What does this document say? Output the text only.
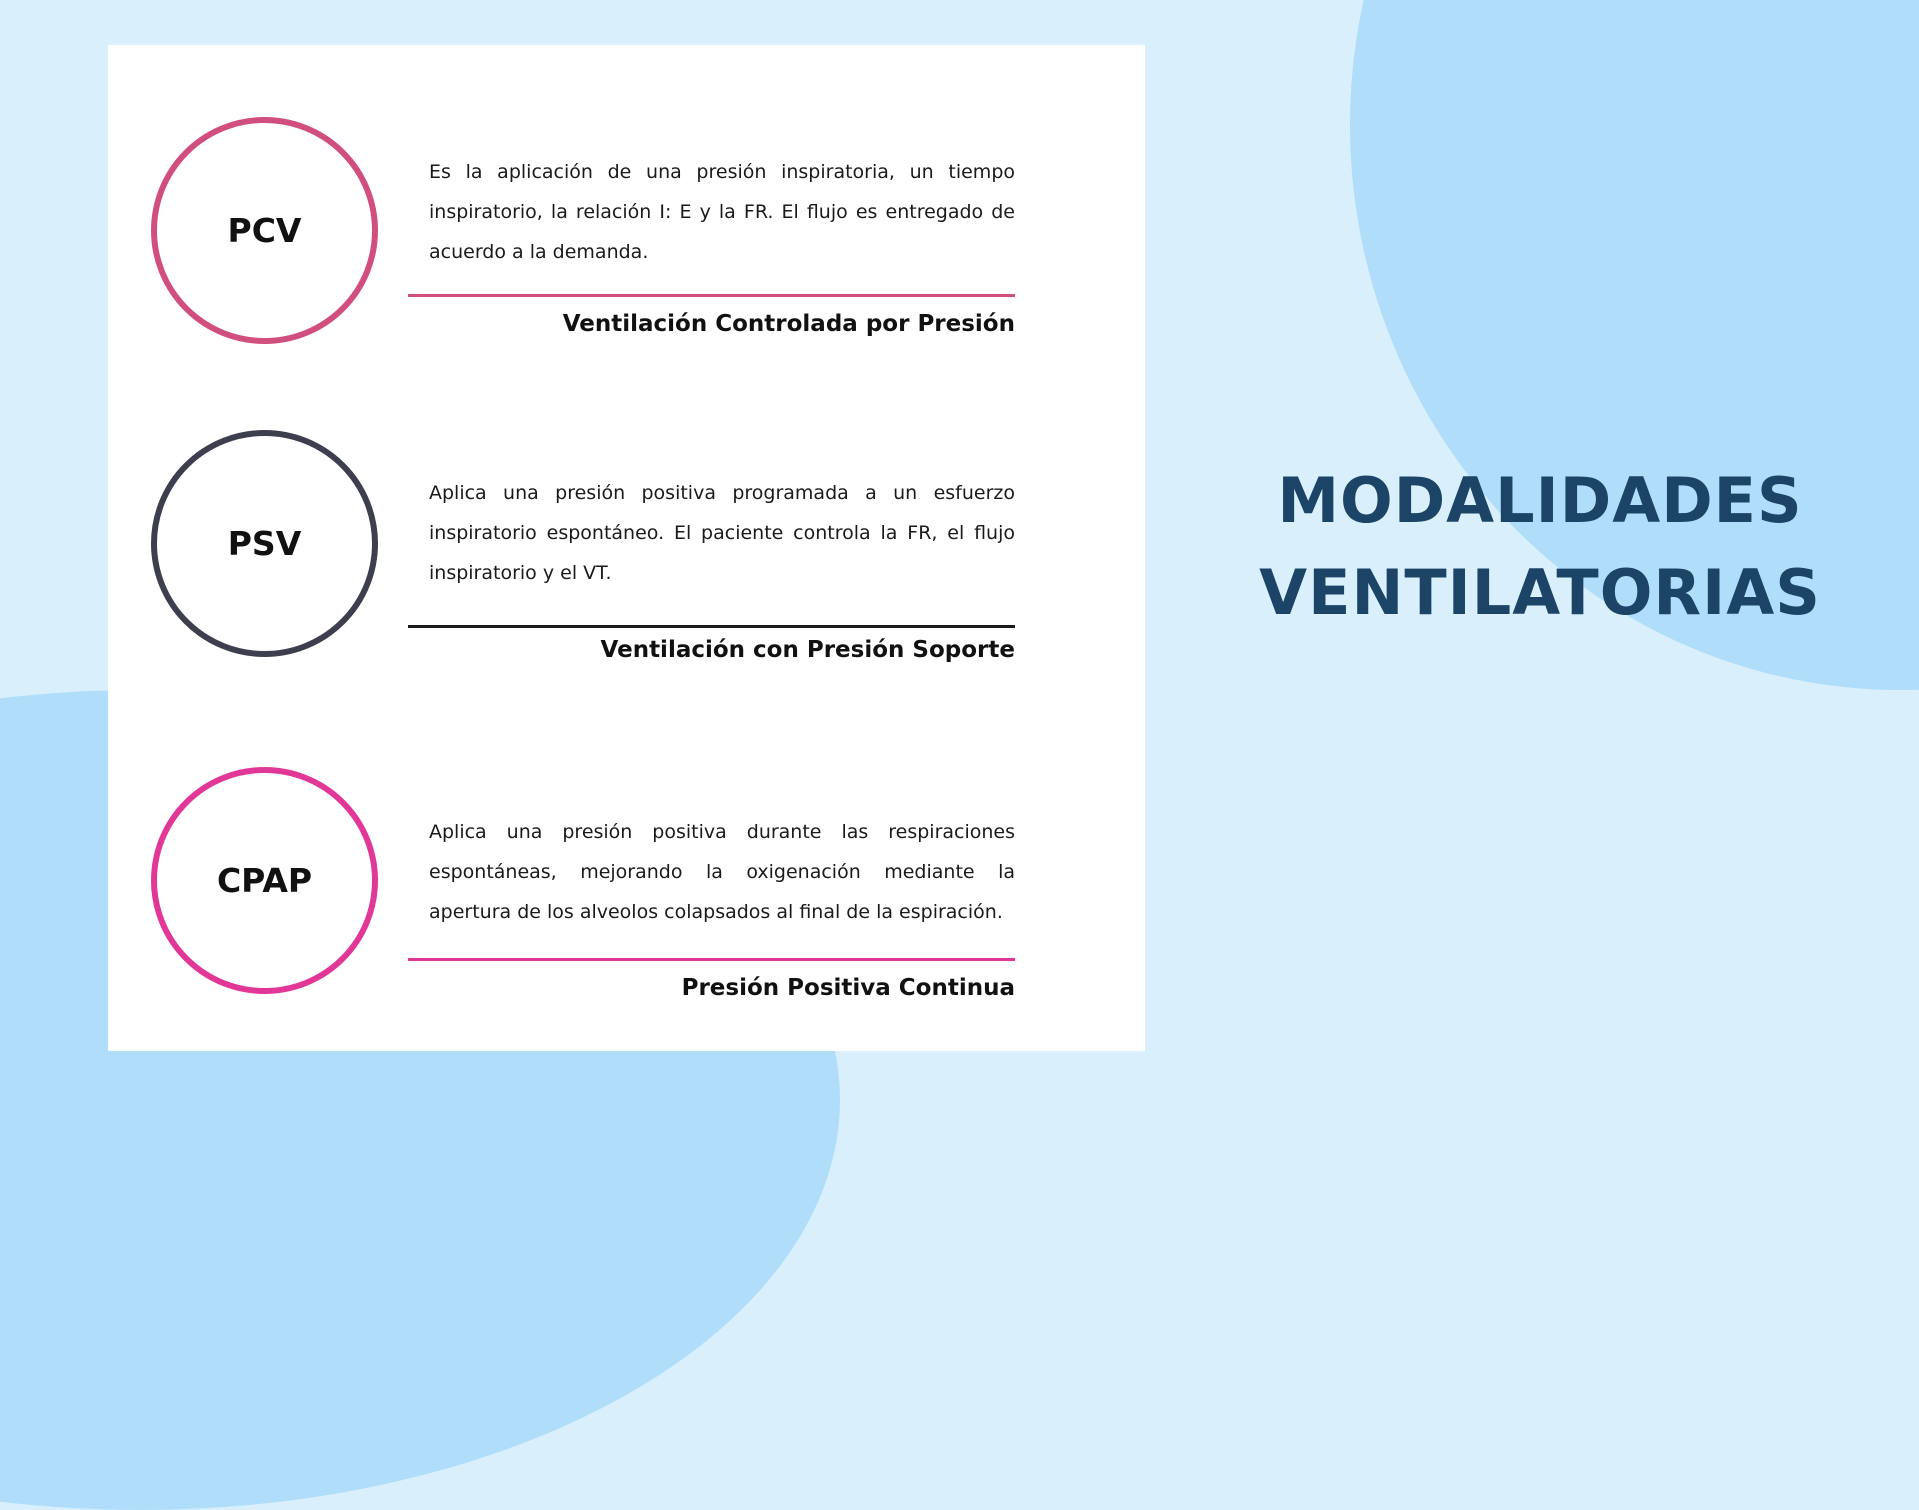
PCV

Es la aplicación de una presión inspiratoria, un tiempo inspiratorio, la relación I: E y la FR. El flujo es entregado de acuerdo a la demanda.

Ventilación Controlada por Presión
PSV

Aplica una presión positiva programada a un esfuerzo inspiratorio espontáneo. El paciente controla la FR, el flujo inspiratorio y el VT.

Ventilación con Presión Soporte
CPAP

Aplica una presión positiva durante las respiraciones espontáneas, mejorando la oxigenación mediante la apertura de los alveolos colapsados al final de la espiración.

Presión Positiva Continua
MODALIDADES
VENTILATORIAS
